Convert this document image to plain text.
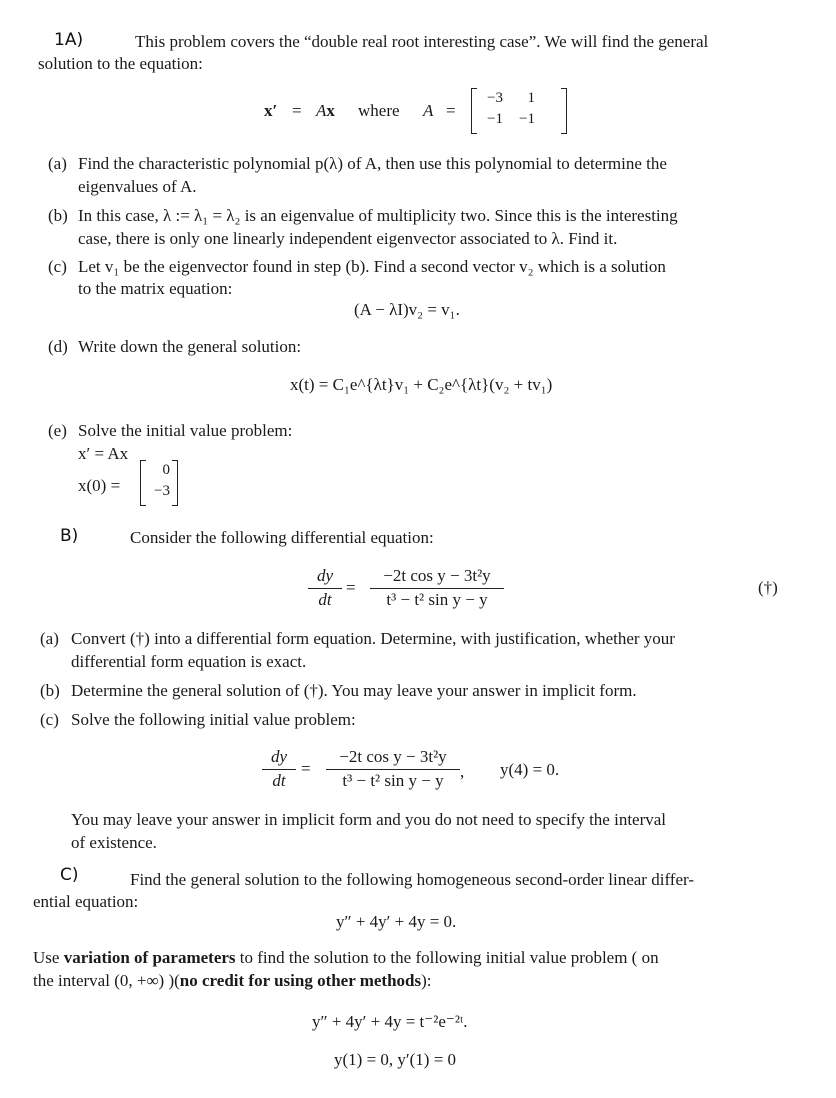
1A)	This problem covers the “double real root interesting case”. We will find the general
solution to the equation:
x′ = Ax where A =
−3	1
−1	−1
(a) Find the characteristic polynomial p(λ) of A, then use this polynomial to determine the
eigenvalues of A.
(b) In this case, λ := λ₁ = λ₂ is an eigenvalue of multiplicity two. Since this is the interesting
case, there is only one linearly independent eigenvector associated to λ. Find it.
(c) Let v₁ be the eigenvector found in step (b). Find a second vector v₂ which is a solution
to the matrix equation:
(A − λI)v₂ = v₁.
(d) Write down the general solution:
x(t) = C₁e^{λt}v₁ + C₂e^{λt}(v₂ + tv₁)
(e) Solve the initial value problem:
x′ = Ax
x(0) =
0
−3
B)	Consider the following differential equation:
dy
dt
=
−2t cos y − 3t²y
t³ − t² sin y − y
(†)
(a) Convert (†) into a differential form equation. Determine, with justification, whether your
differential form equation is exact.
(b) Determine the general solution of (†). You may leave your answer in implicit form.
(c) Solve the following initial value problem:
dy
dt
=
−2t cos y − 3t²y
t³ − t² sin y − y , y(4) = 0.
You may leave your answer in implicit form and you do not need to specify the interval
of existence.
C)	Find the general solution to the following homogeneous second-order linear differ-
ential equation:
y″ + 4y′ + 4y = 0.
Use variation of parameters to find the solution to the following initial value problem ( on
the interval (0, +∞) )(no credit for using other methods):
y″ + 4y′ + 4y = t⁻²e⁻²ᵗ.
y(1) = 0, y′(1) = 0
